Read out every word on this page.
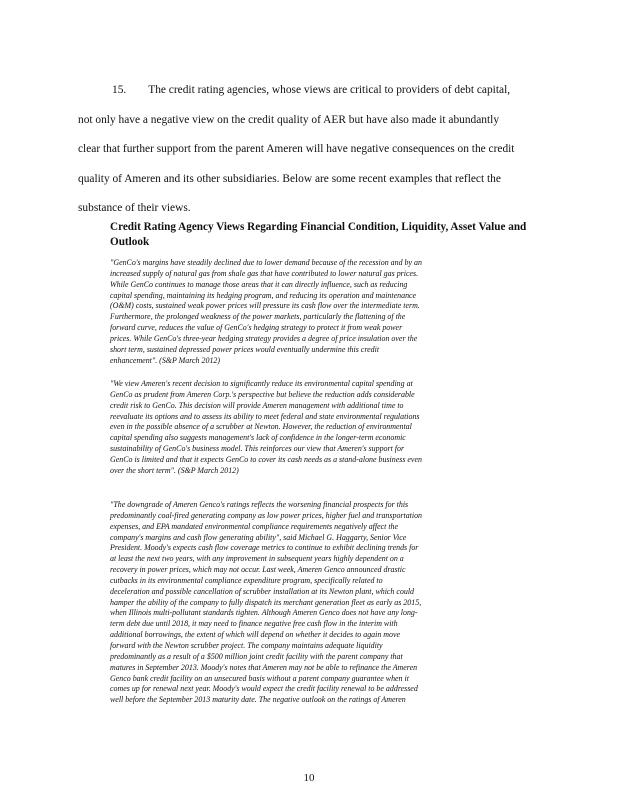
15. The credit rating agencies, whose views are critical to providers of debt capital,
not only have a negative view on the credit quality of AER but have also made it abundantly
clear that further support from the parent Ameren will have negative consequences on the credit
quality of Ameren and its other subsidiaries. Below are some recent examples that reflect the
substance of their views.
Credit Rating Agency Views Regarding Financial Condition, Liquidity, Asset Value and Outlook
"GenCo's margins have steadily declined due to lower demand because of the recession and by an
increased supply of natural gas from shale gas that have contributed to lower natural gas prices.
While GenCo continues to manage those areas that it can directly influence, such as reducing
capital spending, maintaining its hedging program, and reducing its operation and maintenance
(O&M) costs, sustained weak power prices will pressure its cash flow over the intermediate term.
Furthermore, the prolonged weakness of the power markets, particularly the flattening of the
forward curve, reduces the value of GenCo's hedging strategy to protect it from weak power
prices. While GenCo's three-year hedging strategy provides a degree of price insulation over the
short term, sustained depressed power prices would eventually undermine this credit
enhancement". (S&P March 2012)
"We view Ameren's recent decision to significantly reduce its environmental capital spending at
GenCo as prudent from Ameren Corp.'s perspective but believe the reduction adds considerable
credit risk to GenCo. This decision will provide Ameren management with additional time to
reevaluate its options and to assess its ability to meet federal and state environmental regulations
even in the possible absence of a scrubber at Newton. However, the reduction of environmental
capital spending also suggests management's lack of confidence in the longer-term economic
sustainability of GenCo's business model. This reinforces our view that Ameren's support for
GenCo is limited and that it expects GenCo to cover its cash needs as a stand-alone business even
over the short term". (S&P March 2012)
"The downgrade of Ameren Genco's ratings reflects the worsening financial prospects for this
predominantly coal-fired generating company as low power prices, higher fuel and transportation
expenses, and EPA mandated environmental compliance requirements negatively affect the
company's margins and cash flow generating ability", said Michael G. Haggarty, Senior Vice
President. Moody's expects cash flow coverage metrics to continue to exhibit declining trends for
at least the next two years, with any improvement in subsequent years highly dependent on a
recovery in power prices, which may not occur. Last week, Ameren Genco announced drastic
cutbacks in its environmental compliance expenditure program, specifically related to
deceleration and possible cancellation of scrubber installation at its Newton plant, which could
hamper the ability of the company to fully dispatch its merchant generation fleet as early as 2015,
when Illinois multi-pollutant standards tighten. Although Ameren Genco does not have any long-
term debt due until 2018, it may need to finance negative free cash flow in the interim with
additional borrowings, the extent of which will depend on whether it decides to again move
forward with the Newton scrubber project. The company maintains adequate liquidity
predominantly as a result of a $500 million joint credit facility with the parent company that
matures in September 2013. Moody's notes that Ameren may not be able to refinance the Ameren
Genco bank credit facility on an unsecured basis without a parent company guarantee when it
comes up for renewal next year. Moody's would expect the credit facility renewal to be addressed
well before the September 2013 maturity date. The negative outlook on the ratings of Ameren
10
